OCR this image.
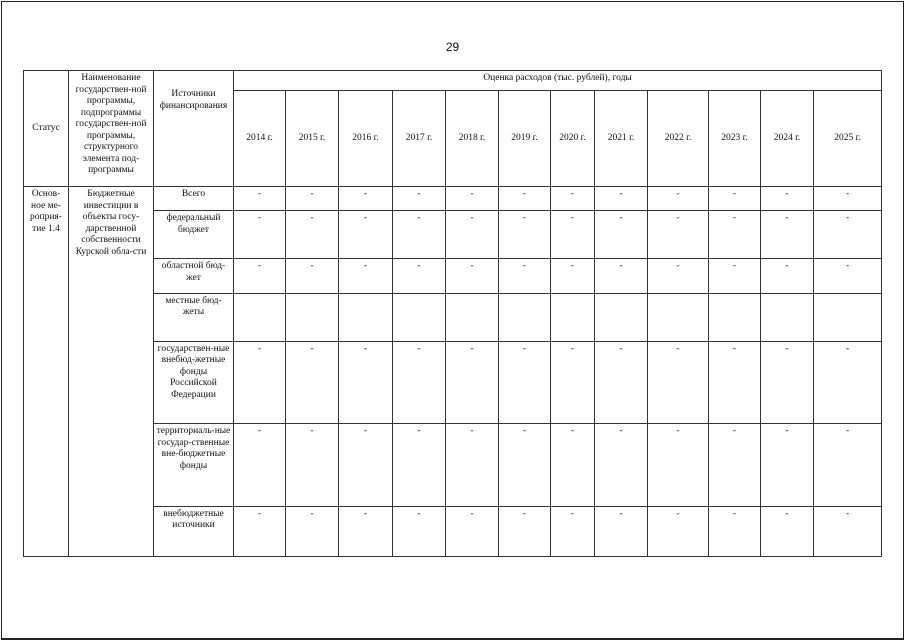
29
Статус	Наименование государствен-ной программы, подпрограммы государствен-ной программы, структурного элемента под-программы	Источники финансирования	Оценка расходов (тыс. рублей), годы											
			2014 г.	2015 г.	2016 г.	2017 г.	2018 г.	2019 г.	2020 г.	2021 г.	2022 г.	2023 г.	2024 г.	2025 г.
Основ-ное ме-роприя-тие 1.4	Бюджетные инвестиции в объекты госу-дарственной собственности Курской обла-сти	Всего	-	-	-	-	-	-	-	-	-	-	-	-
		федеральный бюджет	-	-	-	-	-	-	-	-	-	-	-	-
		областной бюд-жет	-	-	-	-	-	-	-	-	-	-	-	-
		местные бюд-жеты												
		государствен-ные внебюд-жетные фонды Российской Федерации	-	-	-	-	-	-	-	-	-	-	-	-
		территориаль-ные государ-ственные вне-бюджетные фонды	-	-	-	-	-	-	-	-	-	-	-	-
		внебюджетные источники	-	-	-	-	-	-	-	-	-	-	-	-
